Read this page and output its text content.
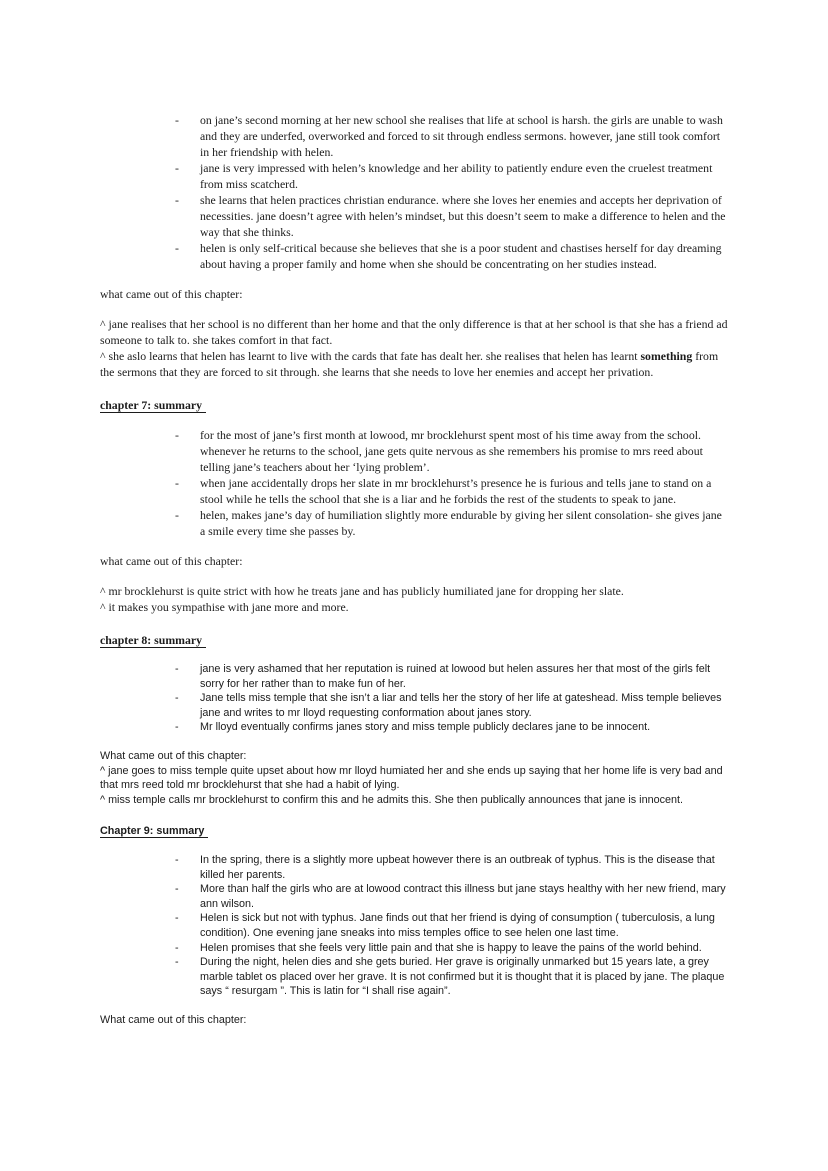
-	on jane’s second morning at her new school she realises that life at school is harsh. the girls are unable to wash and they are underfed, overworked and forced to sit through endless sermons. however, jane still took comfort in her friendship with helen.
-	jane is very impressed with helen’s knowledge and her ability to patiently endure even the cruelest treatment from miss scatcherd.
-	she learns that helen practices christian endurance. where she loves her enemies and accepts her deprivation of necessities. jane doesn’t agree with helen’s mindset, but this doesn’t seem to make a difference to helen and the way that she thinks.
-	helen is only self-critical because she believes that she is a poor student and chastises herself for day dreaming about having a proper family and home when she should be concentrating on her studies instead.

what came out of this chapter:

^ jane realises that her school is no different than her home and that the only difference is that at her school is that she has a friend ad someone to talk to. she takes comfort in that fact.

^ she aslo learns that helen has learnt to live with the cards that fate has dealt her. she realises that helen has learnt something from the sermons that they are forced to sit through. she learns that she needs to love her enemies and accept her privation.

chapter 7: summary

-	for the most of jane’s first month at lowood, mr brocklehurst spent most of his time away from the school. whenever he returns to the school, jane gets quite nervous as she remembers his promise to mrs reed about telling jane’s teachers about her ‘lying problem’.
-	when jane accidentally drops her slate in mr brocklehurst’s presence he is furious and tells jane to stand on a stool while he tells the school that she is a liar and he forbids the rest of the students to speak to jane.
-	helen, makes jane’s day of humiliation slightly more endurable by giving her silent consolation- she gives jane a smile every time she passes by.

what came out of this chapter:

^ mr brocklehurst is quite strict with how he treats jane and has publicly humiliated jane for dropping her slate.

^ it makes you sympathise with jane more and more.

chapter 8: summary

-	jane is very ashamed that her reputation is ruined at lowood but helen assures her that most of the girls felt sorry for her rather than to make fun of her.
-	Jane tells miss temple that she isn’t a liar and tells her the story of her life at gateshead. Miss temple believes jane and writes to mr lloyd requesting conformation about janes story.
-	Mr lloyd eventually confirms janes story and miss temple publicly declares jane to be innocent.

What came out of this chapter:

^ jane goes to miss temple quite upset about how mr lloyd humiated her and she ends up saying that her home life is very bad and that mrs reed told mr brocklehurst that she had a habit of lying.

^ miss temple calls mr brocklehurst to confirm this and he admits this. She then publically announces that jane is innocent.

Chapter 9: summary

-	In the spring, there is a slightly more upbeat however there is an outbreak of typhus. This is the disease that killed her parents.
-	More than half the girls who are at lowood contract this illness but jane stays healthy with her new friend, mary ann wilson.
-	Helen is sick but not with typhus. Jane finds out that her friend is dying of consumption ( tuberculosis, a lung condition). One evening jane sneaks into miss temples office to see helen one last time.
-	Helen promises that she feels very little pain and that she is happy to leave the pains of the world behind.
-	During the night, helen dies and she gets buried. Her grave is originally unmarked but 15 years late, a grey marble tablet os placed over her grave. It is not confirmed but it is thought that it is placed by jane. The plaque says “ resurgam ”. This is latin for “I shall rise again”.

What came out of this chapter:
